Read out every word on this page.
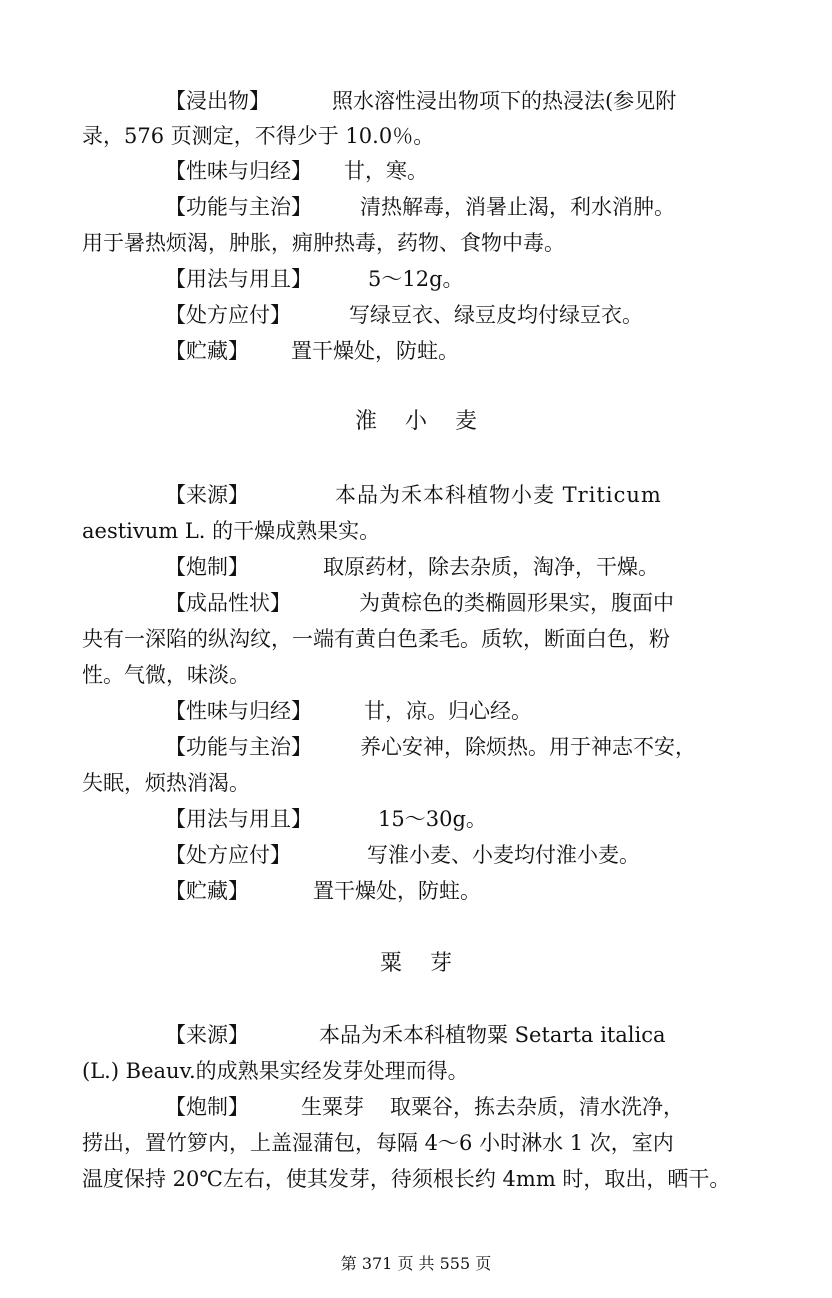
【浸出物】	照水溶性浸出物项下的热浸法(参见附
录，576 页测定，不得少于 10.0％。
【性味与归经】 甘，寒。
【功能与主治】 清热解毒，消暑止渴，利水消肿。
用于暑热烦渴，肿胀，痈肿热毒，药物、食物中毒。
【用法与用且】	5～12g。
【处方应付】	写绿豆衣、绿豆皮均付绿豆衣。
【贮藏】 置干燥处，防蛀。
淮 小 麦
【来源】	本品为禾本科植物小麦 Triticum
aestivum L. 的干燥成熟果实。
【炮制】	取原药材，除去杂质，淘净，干燥。
【成品性状】	为黄棕色的类椭圆形果实，腹面中
央有一深陷的纵沟纹，一端有黄白色柔毛。质软，断面白色，粉
性。气微，味淡。
【性味与归经】 甘，凉。归心经。
【功能与主治】 养心安神，除烦热。用于神志不安，
失眠，烦热消渴。
【用法与用且】	15～30g。
【处方应付】	写淮小麦、小麦均付淮小麦。
【贮藏】	置干燥处，防蛀。
粟 芽
【来源】	本品为禾本科植物粟 Setarta italica
(L.) Beauv.的成熟果实经发芽处理而得。
【炮制】 生粟芽 取粟谷，拣去杂质，清水洗净，
捞出，置竹箩内，上盖湿蒲包，每隔 4～6 小时淋水 1 次，室内
温度保持 20℃左右，使其发芽，待须根长约 4mm 时，取出，晒干。
第 371 页 共 555 页
